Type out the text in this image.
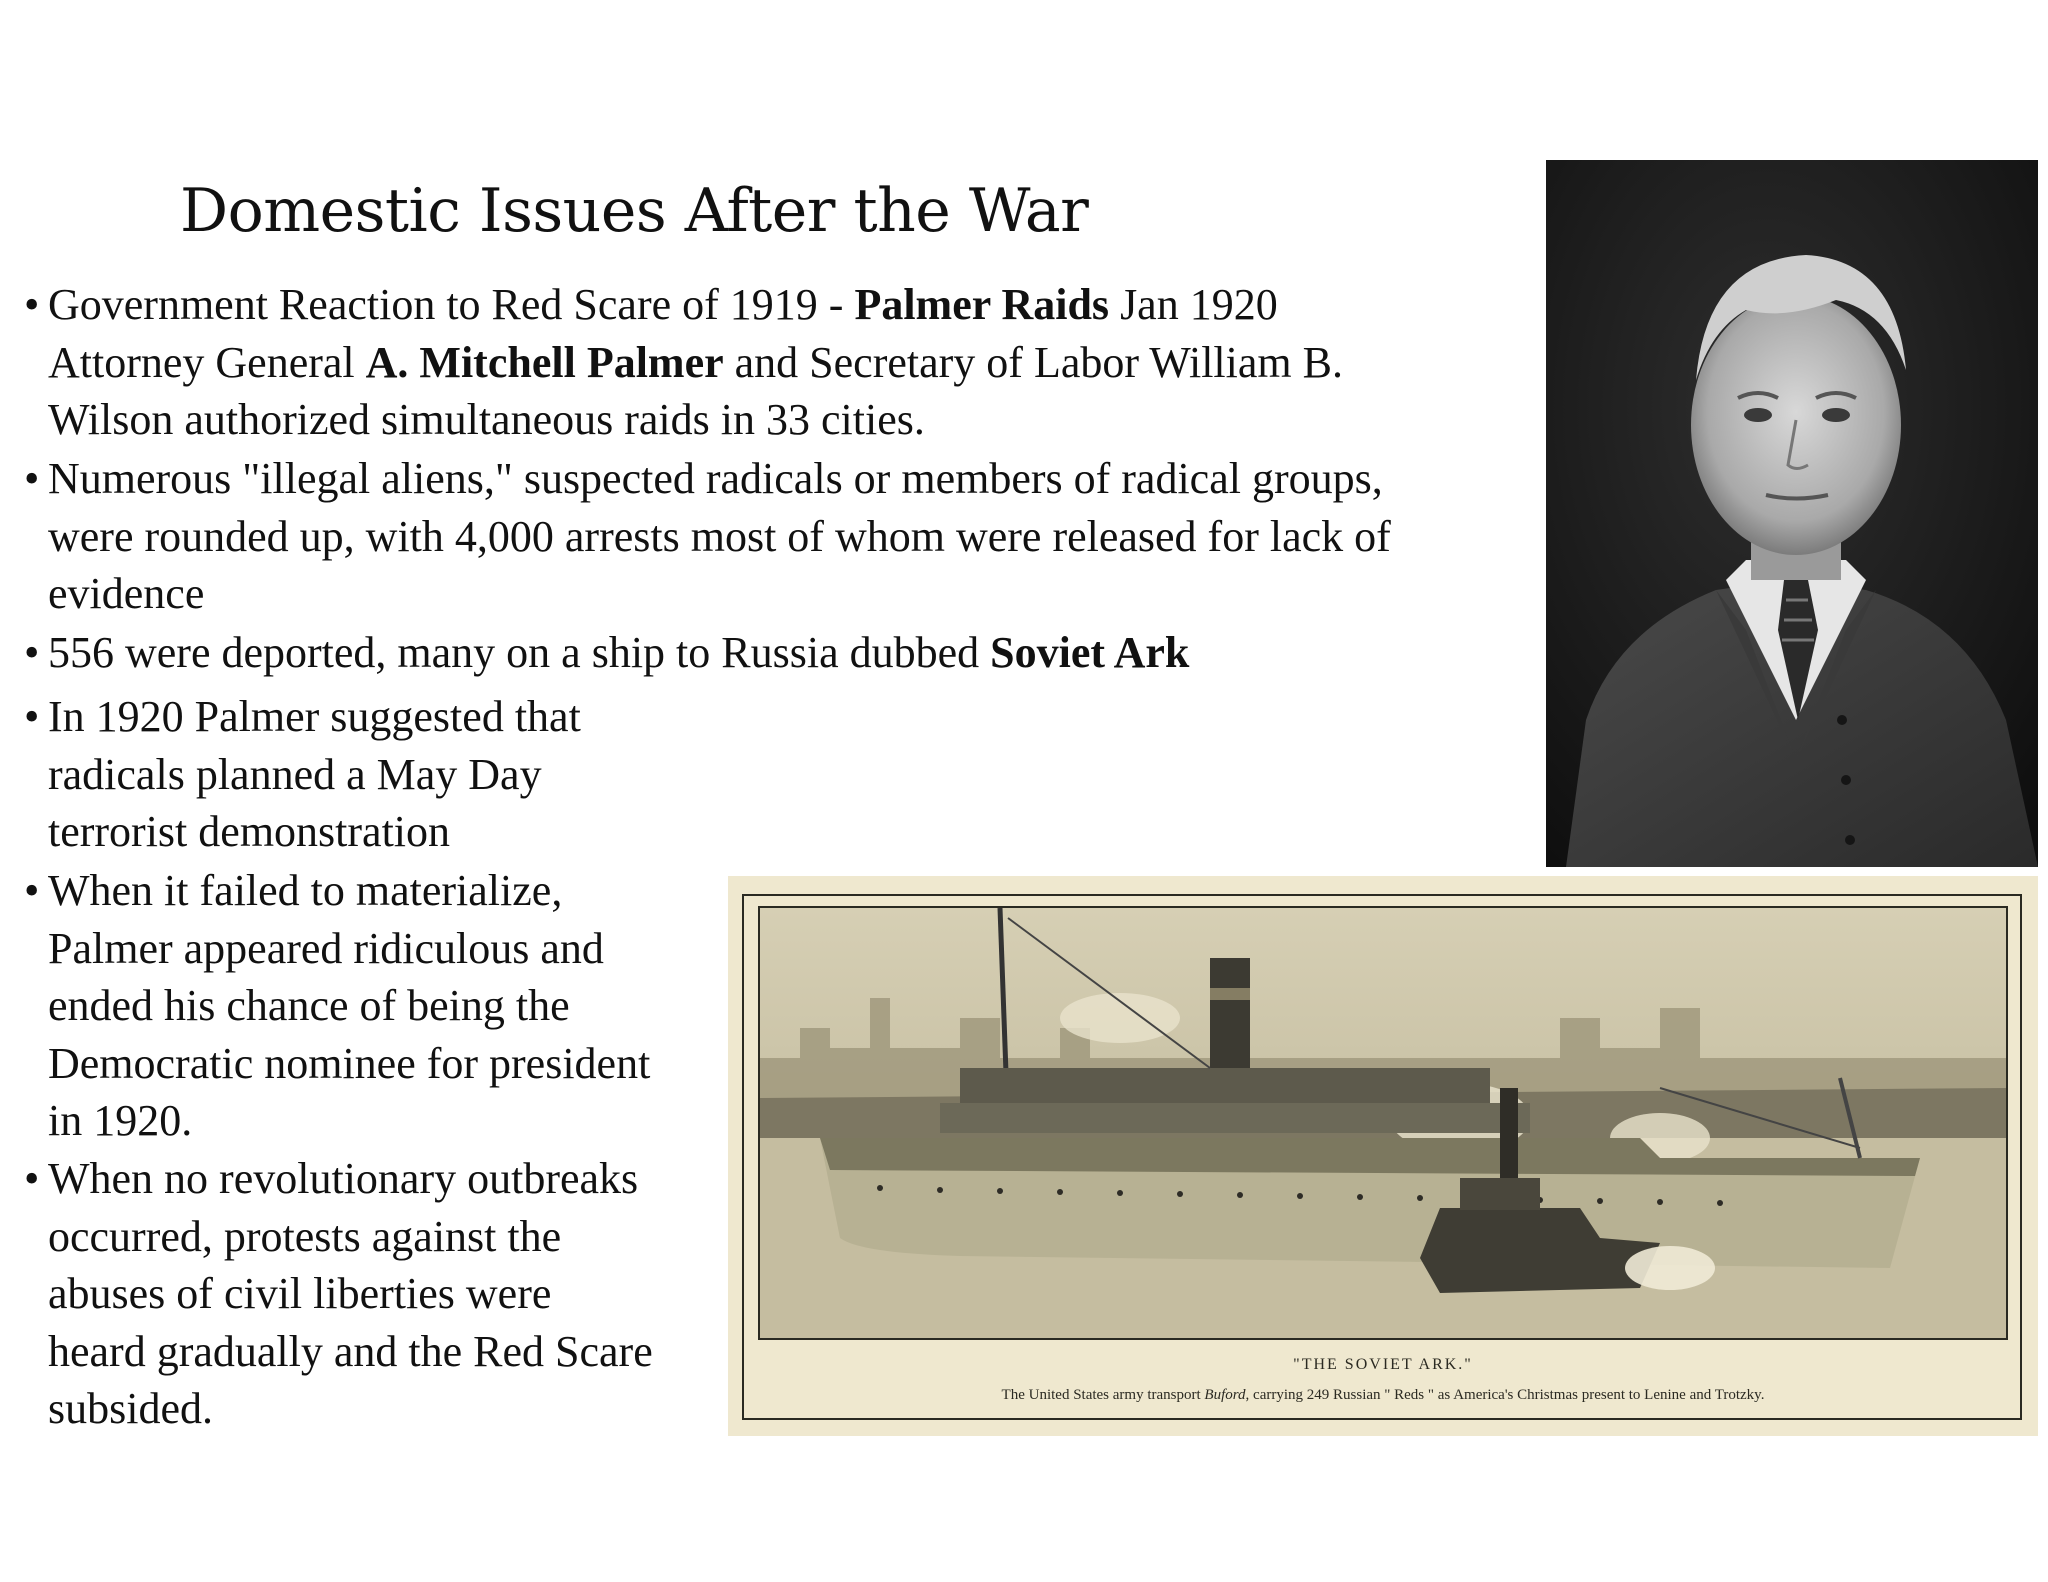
Domestic Issues After the War
• Government Reaction to Red Scare of 1919 - Palmer Raids Jan 1920
Attorney General A. Mitchell Palmer and Secretary of Labor William B.
Wilson authorized simultaneous raids in 33 cities.
• Numerous "illegal aliens," suspected radicals or members of radical groups,
were rounded up, with 4,000 arrests most of whom were released for lack of
evidence
• 556 were deported, many on a ship to Russia dubbed Soviet Ark
• In 1920 Palmer suggested that
radicals planned a May Day
terrorist demonstration
• When it failed to materialize,
Palmer appeared ridiculous and
ended his chance of being the
Democratic nominee for president
in 1920.
• When no revolutionary outbreaks
occurred, protests against the
abuses of civil liberties were
heard gradually and the Red Scare
subsided.
"THE SOVIET ARK."
The United States army transport Buford, carrying 249 Russian " Reds " as America's Christmas present to Lenine and Trotzky.
